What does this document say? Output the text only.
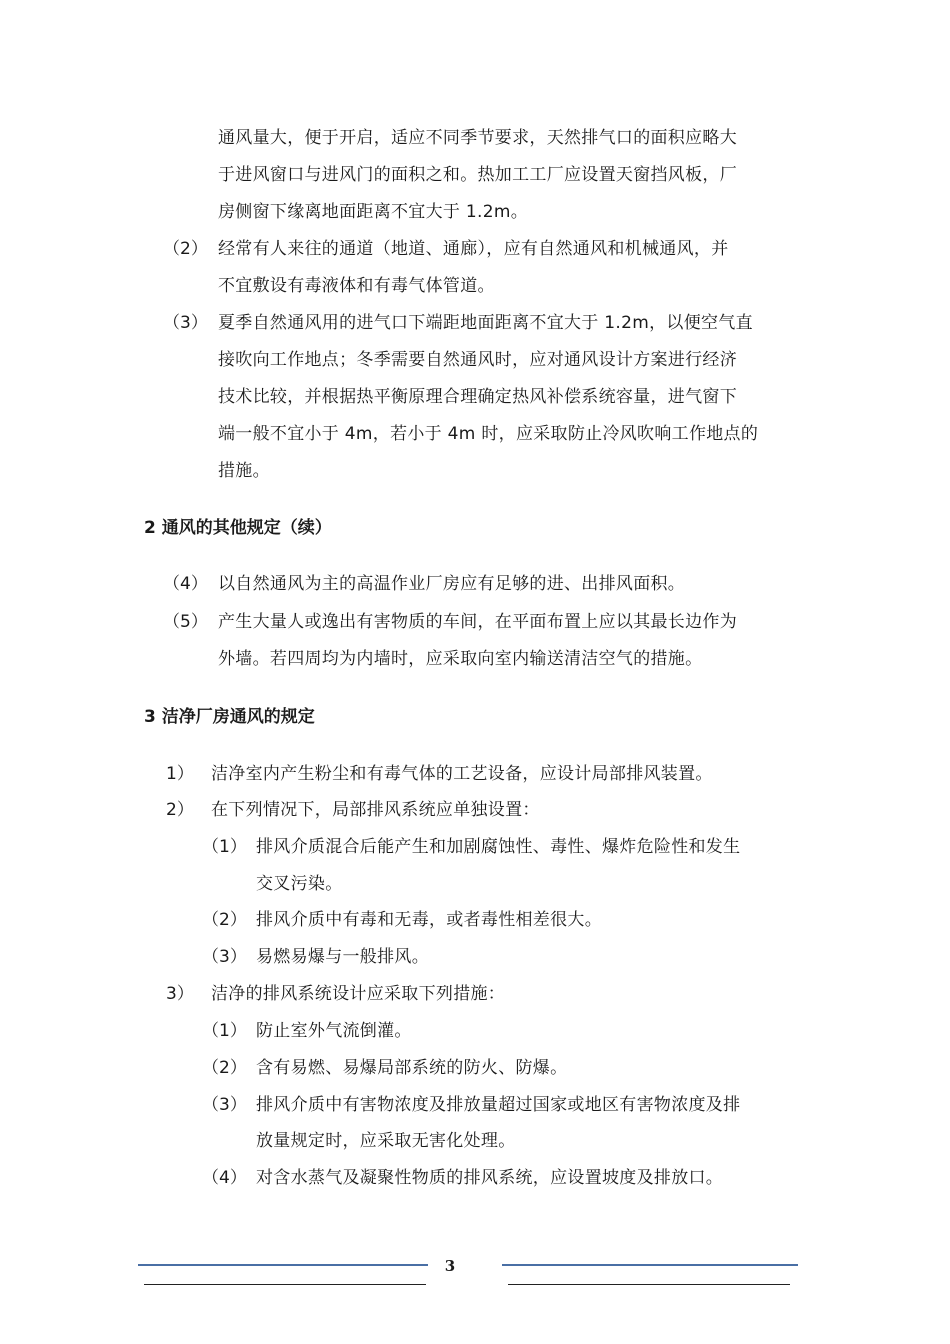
通风量大，便于开启，适应不同季节要求，天然排气口的面积应略大
于进风窗口与进风门的面积之和。热加工工厂应设置天窗挡风板，厂
房侧窗下缘离地面距离不宜大于 1.2m。
（2） 经常有人来往的通道（地道、通廊），应有自然通风和机械通风，并
不宜敷设有毒液体和有毒气体管道。
（3） 夏季自然通风用的进气口下端距地面距离不宜大于 1.2m，以便空气直
接吹向工作地点；冬季需要自然通风时，应对通风设计方案进行经济
技术比较，并根据热平衡原理合理确定热风补偿系统容量，进气窗下
端一般不宜小于 4m，若小于 4m 时，应采取防止冷风吹响工作地点的
措施。
2 通风的其他规定（续）
（4） 以自然通风为主的高温作业厂房应有足够的进、出排风面积。
（5） 产生大量人或逸出有害物质的车间，在平面布置上应以其最长边作为
外墙。若四周均为内墙时，应采取向室内输送清洁空气的措施。
3 洁净厂房通风的规定
1） 洁净室内产生粉尘和有毒气体的工艺设备，应设计局部排风装置。
2） 在下列情况下，局部排风系统应单独设置：
（1） 排风介质混合后能产生和加剧腐蚀性、毒性、爆炸危险性和发生
交叉污染。
（2） 排风介质中有毒和无毒，或者毒性相差很大。
（3） 易燃易爆与一般排风。
3） 洁净的排风系统设计应采取下列措施：
（1） 防止室外气流倒灌。
（2） 含有易燃、易爆局部系统的防火、防爆。
（3） 排风介质中有害物浓度及排放量超过国家或地区有害物浓度及排
放量规定时，应采取无害化处理。
（4） 对含水蒸气及凝聚性物质的排风系统，应设置坡度及排放口。
3
